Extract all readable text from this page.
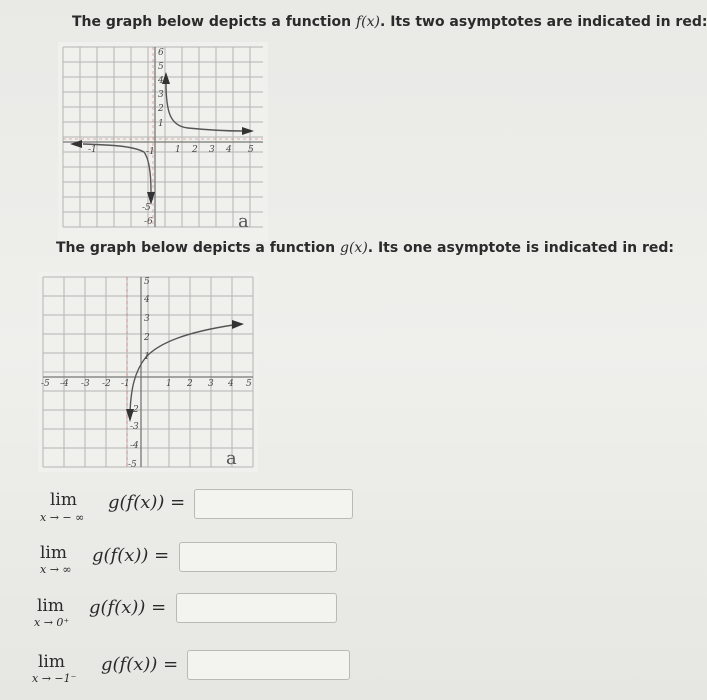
The graph below depicts a function f(x). Its two asymptotes are indicated in red:
6
5
4
3
2
1
-1
-5
-6
-1	1 2 3 4 5
a
The graph below depicts a function g(x). Its one asymptote is indicated in red:
5
4
3
2
1
-2
-3
-4
-5
-5 -4 -3 -2 -1	1 2 3 4 5
a
lim
x → − ∞
g(f(x)) =
lim
x → ∞
g(f(x)) =
lim
x → 0⁺
g(f(x)) =
lim
x → −1⁻
g(f(x)) =
